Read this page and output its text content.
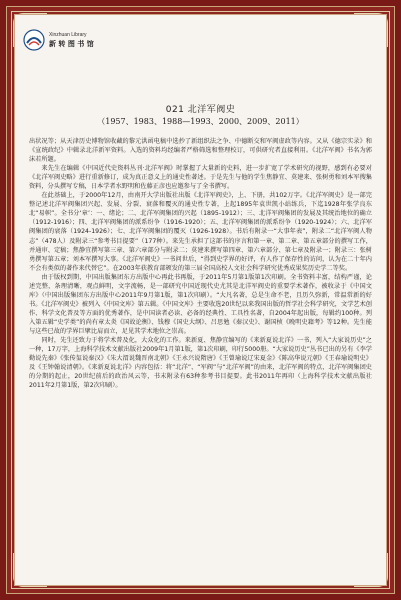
Xinzhuan Library
新 转 图 书 馆
021 北洋军阀史
（1957、1983、1988—1993、2000、2009、2011）

出状况等；从天津历史博物馆收藏的黎元洪函电稿中选抄了新组织法之争、中德断交和军阀虚政等内容。又从《德宗实录》和《宣统政纪》中辑录北洋新军资料。入选的资料均经编者严格筛选和整理校订，可供研究者直接利用。《北洋军阀》书名为郭沫若所题。

来先生在编辑《中国近代史资料丛刊·北洋军阀》时掌握了大量新的史料，进一步扩宽了学术研究的视野，感到有必要对《北洋军阀史略》进行重新修订，成为真正意义上的通史性著述。于是先生与他的学生焦静宜、莫建来、张树勇和刘本军搜集资料，分头撰写专稿，日本学者水野明和佐藤正彦也应邀参与了全书撰写。

在此基础上，于2000年12月，由南开大学出版社出版《北洋军阀史》，上、下册，共102万字。《北洋军阀史》是一部完整记述北洋军阀集团兴起、发展、分裂、衰落和覆灭的通史性专著，上起1895年袁世凯小站练兵，下迄1928年张学良东北“易帜”。全书分‘章’：一、绪论；二、北洋军阀集团的兴起（1895-1912）；三、北洋军阀集团的发展及其统治地位的确立（1912-1916）；四、北洋军阀集团的派系纷争（1916-1920）；五、北洋军阀集团的派系纷争（1920-1924）；六、北洋军阀集团的衰落（1924-1926）；七、北洋军阀集团的覆灭（1926-1928）。书后有附录一“大事年表”，附录二“北洋军阀人物志”（478人）及附录三“参考书目提要”（177种）。来先生承担了这部书的序言和第一章、第二章、第五章部分的撰写工作，并通审、定稿；焦静宜撰写第三章、第六章部分与附录二；莫建来撰写第四章、第六章部分、第七章及附录一；附录三：张树勇撰写第五章；刘本军撰写大事。《北洋军阀史》一书问世后，“得到史学界的好评，有人作了保存性的访问，认为在二十年内不会有类似的著作来代替它”。在2003年获教育部颁发的第三届全国高校人文社会科学研究优秀成果奖历史学二等奖。

由于版权到期，中国出版集团东方出版中心再此书再版，于2011年5月第1版第1次印刷。全书资料丰富，结构严谨，论述完整，条理清晰，观点鲜明，文字流畅，是一部研究中国近现代史尤其是北洋军阀史的重要学术著作，被收录于《中国文库》（中国出版集团东方出版中心2011年9月第1版，第1次印刷）。“大凡名著，总是生命不老，且历久弥新，常温常新的好书。《北洋军阀史》被列入《中国文库》第五辑。《中国文库》主要收选20世纪以来我国出版的哲学社会科学研究，文学艺术创作、科学文化普及等方面的优秀著作，是中国读者必读、必备的经典性、工具性名著，自2004年起出版，每辑约100种。列入第五辑“史学类”的尚有章太炎《国故论衡》、钱穆《国史大纲》、吕思勉《秦汉史》、谢国桢《晚明史籍考》等12种。先生能与这些已故的学界巨擘比肩而立，足见其学术地位之崇高。

同时，先生还致力于将学术普及化，大众化的工作。来新夏、焦静宜编写的《来新夏说北洋》一书，列入“大家说历史”之一种，17万字，上海科学技术文献出版社2009年1月第1版，第1次印刷，印行5000册。“大家说历史”丛书已出的另有《李学勤说先秦》《张传玺说秦汉》《朱大渭说魏晋南北朝》《王永兴说隋唐》《王曾瑜说辽宋夏金》《陈高华说元朝》《王春瑜说明史》及《王钟翰说清朝》。《来新夏说北洋》内容包括：将“北洋”、“军阀”与“北洋军阀”的由来，北洋军阀的特点，北洋军阀集团史的分期的起止，20世纪前后的政治风云等，书末附录有63种参考书目提要。此书2011年再印（上海科学技术文献出版社2011年2月第1版，第2次印刷）。
